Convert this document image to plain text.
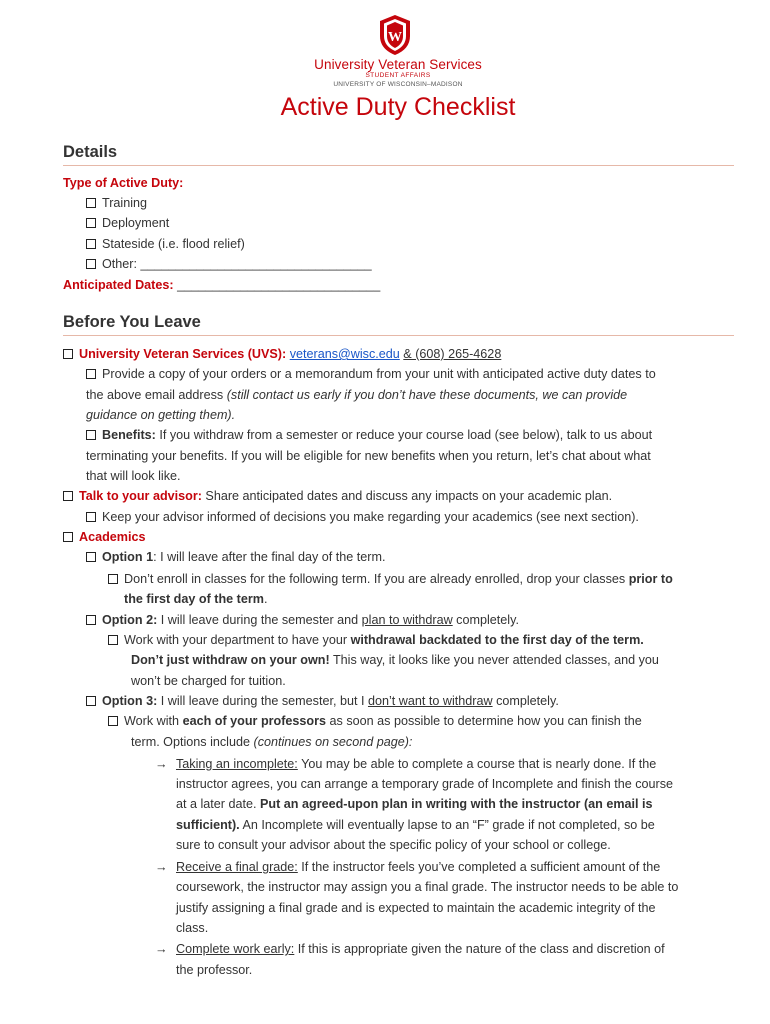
W
University Veteran Services
STUDENT AFFAIRS
UNIVERSITY OF WISCONSIN–MADISON
Active Duty Checklist
Details
Type of Active Duty:
Training
Deployment
Stateside (i.e. flood relief)
Other: _________________________________
Anticipated Dates: _____________________________
Before You Leave
University Veteran Services (UVS): veterans@wisc.edu & (608) 265-4628
Provide a copy of your orders or a memorandum from your unit with anticipated active duty dates to
the above email address (still contact us early if you don’t have these documents, we can provide
guidance on getting them).
Benefits: If you withdraw from a semester or reduce your course load (see below), talk to us about
terminating your benefits. If you will be eligible for new benefits when you return, let’s chat about what
that will look like.
Talk to your advisor: Share anticipated dates and discuss any impacts on your academic plan.
Keep your advisor informed of decisions you make regarding your academics (see next section).
Academics
Option 1: I will leave after the final day of the term.
Don’t enroll in classes for the following term. If you are already enrolled, drop your classes prior to
the first day of the term.
Option 2: I will leave during the semester and plan to withdraw completely.
Work with your department to have your withdrawal backdated to the first day of the term.
Don’t just withdraw on your own! This way, it looks like you never attended classes, and you
won’t be charged for tuition.
Option 3: I will leave during the semester, but I don’t want to withdraw completely.
Work with each of your professors as soon as possible to determine how you can finish the
term. Options include (continues on second page):
→ Taking an incomplete: You may be able to complete a course that is nearly done. If the
instructor agrees, you can arrange a temporary grade of Incomplete and finish the course
at a later date. Put an agreed-upon plan in writing with the instructor (an email is
sufficient). An Incomplete will eventually lapse to an “F” grade if not completed, so be
sure to consult your advisor about the specific policy of your school or college.
→ Receive a final grade: If the instructor feels you’ve completed a sufficient amount of the
coursework, the instructor may assign you a final grade. The instructor needs to be able to
justify assigning a final grade and is expected to maintain the academic integrity of the
class.
→ Complete work early: If this is appropriate given the nature of the class and discretion of
the professor.
